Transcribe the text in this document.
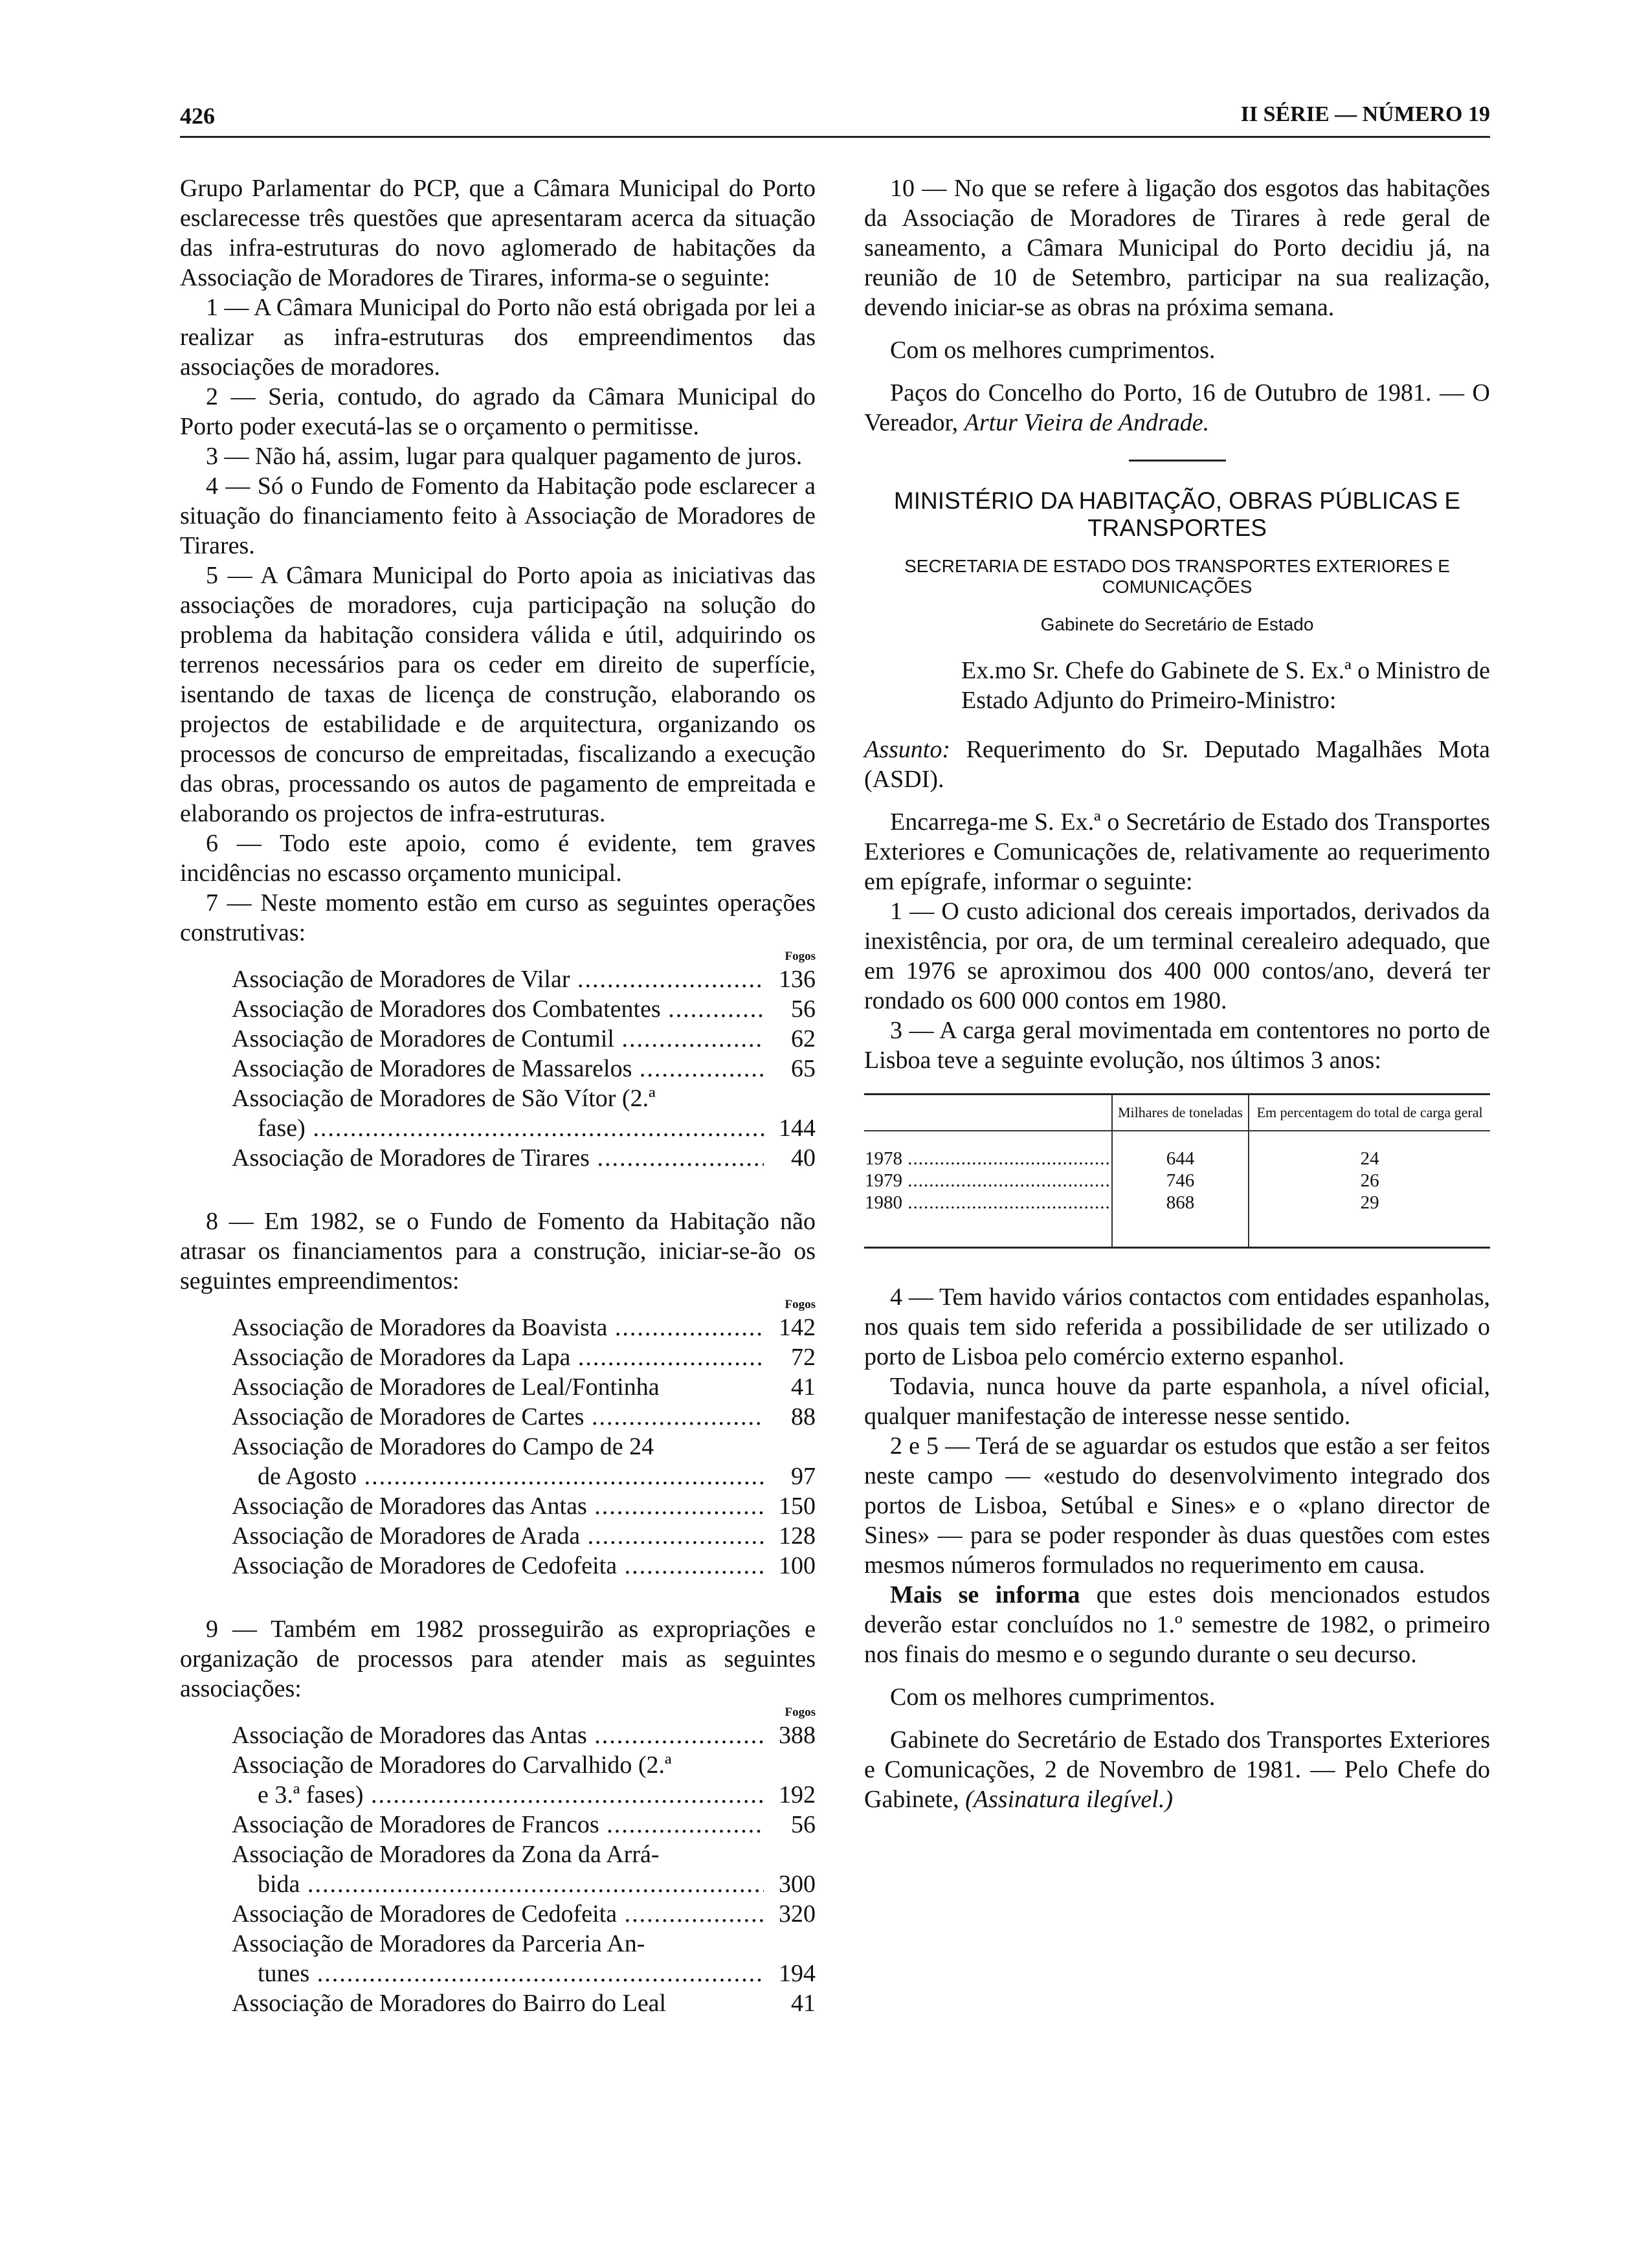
426	II SÉRIE — NÚMERO 19

Grupo Parlamentar do PCP, que a Câmara Municipal do Porto esclarecesse três questões que apresentaram acerca da situação das infra-estruturas do novo aglomerado de habitações da Associação de Moradores de Tirares, informa-se o seguinte:

1 — A Câmara Municipal do Porto não está obrigada por lei a realizar as infra-estruturas dos empreendimentos das associações de moradores.

2 — Seria, contudo, do agrado da Câmara Municipal do Porto poder executá-las se o orçamento o permitisse.

3 — Não há, assim, lugar para qualquer pagamento de juros.

4 — Só o Fundo de Fomento da Habitação pode esclarecer a situação do financiamento feito à Associação de Moradores de Tirares.

5 — A Câmara Municipal do Porto apoia as iniciativas das associações de moradores, cuja participação na solução do problema da habitação considera válida e útil, adquirindo os terrenos necessários para os ceder em direito de superfície, isentando de taxas de licença de construção, elaborando os projectos de estabilidade e de arquitectura, organizando os processos de concurso de empreitadas, fiscalizando a execução das obras, processando os autos de pagamento de empreitada e elaborando os projectos de infra-estruturas.

6 — Todo este apoio, como é evidente, tem graves incidências no escasso orçamento municipal.

7 — Neste momento estão em curso as seguintes operações construtivas:

Fogos
Associação de Moradores de Vilar .....	136
Associação de Moradores dos Combatentes .....	56
Associação de Moradores de Contumil .....	62
Associação de Moradores de Massarelos .....	65
Associação de Moradores de São Vítor (2.ª
fase) .....	144
Associação de Moradores de Tirares .....	40

8 — Em 1982, se o Fundo de Fomento da Habitação não atrasar os financiamentos para a construção, iniciar-se-ão os seguintes empreendimentos:

Fogos
Associação de Moradores da Boavista .....	142
Associação de Moradores da Lapa .....	72
Associação de Moradores de Leal/Fontinha	41
Associação de Moradores de Cartes .....	88
Associação de Moradores do Campo de 24
de Agosto .....	97
Associação de Moradores das Antas .....	150
Associação de Moradores de Arada .....	128
Associação de Moradores de Cedofeita .....	100

9 — Também em 1982 prosseguirão as expropriações e organização de processos para atender mais as seguintes associações:

Fogos
Associação de Moradores das Antas .....	388
Associação de Moradores do Carvalhido (2.ª
e 3.ª fases) .....	192
Associação de Moradores de Francos .....	56
Associação de Moradores da Zona da Arrá-
bida .....	300
Associação de Moradores de Cedofeita .....	320
Associação de Moradores da Parceria An-
tunes .....	194
Associação de Moradores do Bairro do Leal	41

10 — No que se refere à ligação dos esgotos das habitações da Associação de Moradores de Tirares à rede geral de saneamento, a Câmara Municipal do Porto decidiu já, na reunião de 10 de Setembro, participar na sua realização, devendo iniciar-se as obras na próxima semana.

Com os melhores cumprimentos.

Paços do Concelho do Porto, 16 de Outubro de 1981. — O Vereador, Artur Vieira de Andrade.

MINISTÉRIO DA HABITAÇÃO, OBRAS PÚBLICAS E TRANSPORTES
SECRETARIA DE ESTADO DOS TRANSPORTES EXTERIORES E COMUNICAÇÕES
Gabinete do Secretário de Estado

Ex.mo Sr. Chefe do Gabinete de S. Ex.ª o Ministro de Estado Adjunto do Primeiro-Ministro:

Assunto: Requerimento do Sr. Deputado Magalhães Mota (ASDI).

Encarrega-me S. Ex.ª o Secretário de Estado dos Transportes Exteriores e Comunicações de, relativamente ao requerimento em epígrafe, informar o seguinte:

1 — O custo adicional dos cereais importados, derivados da inexistência, por ora, de um terminal cerealeiro adequado, que em 1976 se aproximou dos 400 000 contos/ano, deverá ter rondado os 600 000 contos em 1980.

3 — A carga geral movimentada em contentores no porto de Lisboa teve a seguinte evolução, nos últimos 3 anos:

	Milhares de toneladas	Em percentagem do total de carga geral
1978 .....	644	24
1979 .....	746	26
1980 .....	868	29

4 — Tem havido vários contactos com entidades espanholas, nos quais tem sido referida a possibilidade de ser utilizado o porto de Lisboa pelo comércio externo espanhol.

Todavia, nunca houve da parte espanhola, a nível oficial, qualquer manifestação de interesse nesse sentido.

2 e 5 — Terá de se aguardar os estudos que estão a ser feitos neste campo — «estudo do desenvolvimento integrado dos portos de Lisboa, Setúbal e Sines» e o «plano director de Sines» — para se poder responder às duas questões com estes mesmos números formulados no requerimento em causa.

Mais se informa que estes dois mencionados estudos deverão estar concluídos no 1.º semestre de 1982, o primeiro nos finais do mesmo e o segundo durante o seu decurso.

Com os melhores cumprimentos.

Gabinete do Secretário de Estado dos Transportes Exteriores e Comunicações, 2 de Novembro de 1981. — Pelo Chefe do Gabinete, (Assinatura ilegível.)
